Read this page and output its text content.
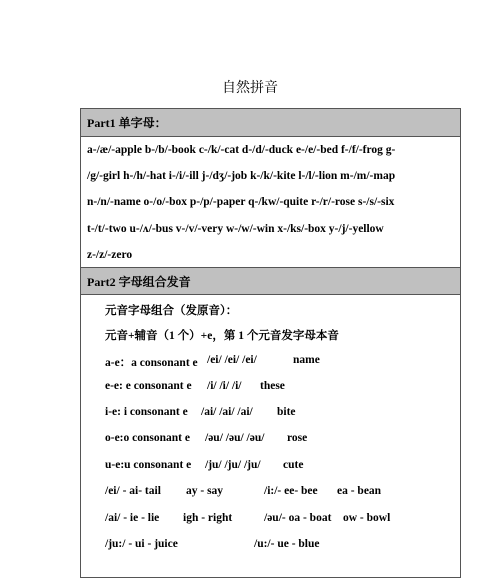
自然拼音
Part1 单字母：
a-/æ/-apple b-/b/-book c-/k/-cat d-/d/-duck e-/e/-bed f-/f/-frog g-
/g/-girl h-/h/-hat i-/i/-ill j-/dʒ/-job k-/k/-kite l-/l/-lion m-/m/-map
n-/n/-name o-/o/-box p-/p/-paper q-/kw/-quite r-/r/-rose s-/s/-six
t-/t/-two u-/ʌ/-bus v-/v/-very w-/w/-win x-/ks/-box y-/j/-yellow
z-/z/-zero
Part2 字母组合发音
元音字母组合（发原音）：
元音+辅音（1 个）+e，第 1 个元音发字母本音
a-e：a consonant e /ei/ /ei/ /ei/	name
e-e: e consonant e /i/ /i/ /i/ these
i-e: i consonant e /ai/ /ai/ /ai/ bite
o-e:o consonant e /əu/ /əu/ /əu/ rose
u-e:u consonant e /ju/ /ju/ /ju/ cute
/ei/ - ai- tail ay - say	/i:/- ee- bee ea - bean
/ai/ - ie - lie igh - right	/əu/- oa - boat ow - bowl
/ju:/ - ui - juice	/u:/- ue - blue
